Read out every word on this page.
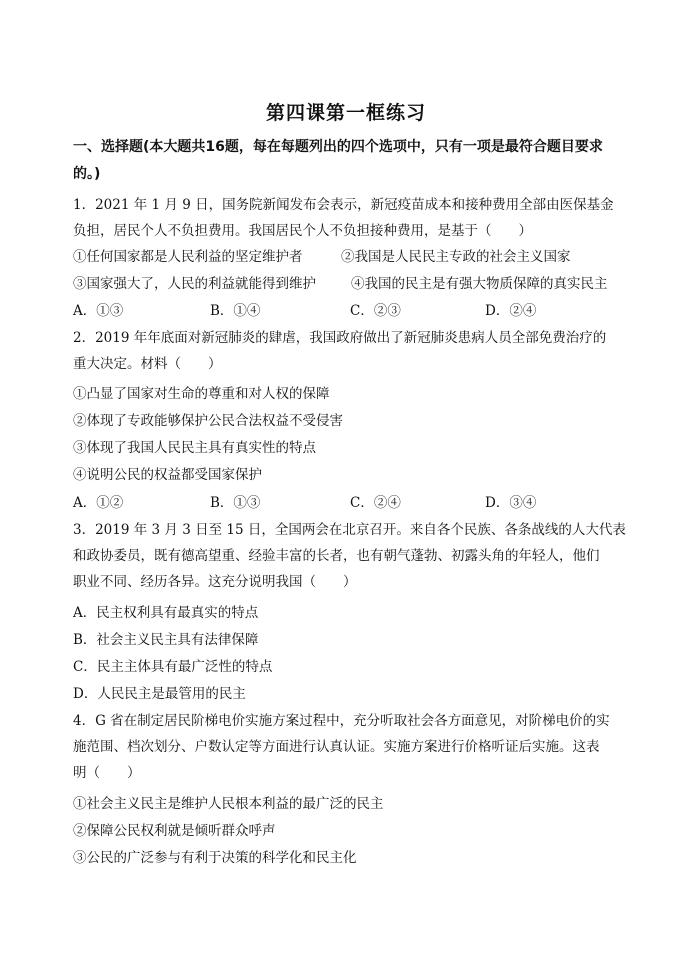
第四课第一框练习
一、选择题(本大题共16题，每在每题列出的四个选项中，只有一项是最符合题目要求的。)
1．2021 年 1 月 9 日，国务院新闻发布会表示，新冠疫苗成本和接种费用全部由医保基金
负担，居民个人不负担费用。我国居民个人不负担接种费用，是基于（　　）
①任何国家都是人民利益的坚定维护者	②我国是人民民主专政的社会主义国家
③国家强大了，人民的利益就能得到维护	④我国的民主是有强大物质保障的真实民主
A．①③	B．①④	C．②③	D．②④
2．2019 年年底面对新冠肺炎的肆虐，我国政府做出了新冠肺炎患病人员全部免费治疗的
重大决定。材料（　　）
①凸显了国家对生命的尊重和对人权的保障
②体现了专政能够保护公民合法权益不受侵害
③体现了我国人民民主具有真实性的特点
④说明公民的权益都受国家保护
A．①②	B．①③	C．②④	D．③④
3．2019 年 3 月 3 日至 15 日，全国两会在北京召开。来自各个民族、各条战线的人大代表
和政协委员，既有德高望重、经验丰富的长者，也有朝气蓬勃、初露头角的年轻人，他们
职业不同、经历各异。这充分说明我国（　　）
A．民主权利具有最真实的特点
B．社会主义民主具有法律保障
C．民主主体具有最广泛性的特点
D．人民民主是最管用的民主
4．G 省在制定居民阶梯电价实施方案过程中，充分听取社会各方面意见，对阶梯电价的实
施范围、档次划分、户数认定等方面进行认真认证。实施方案进行价格听证后实施。这表
明（　　）
①社会主义民主是维护人民根本利益的最广泛的民主
②保障公民权利就是倾听群众呼声
③公民的广泛参与有利于决策的科学化和民主化
